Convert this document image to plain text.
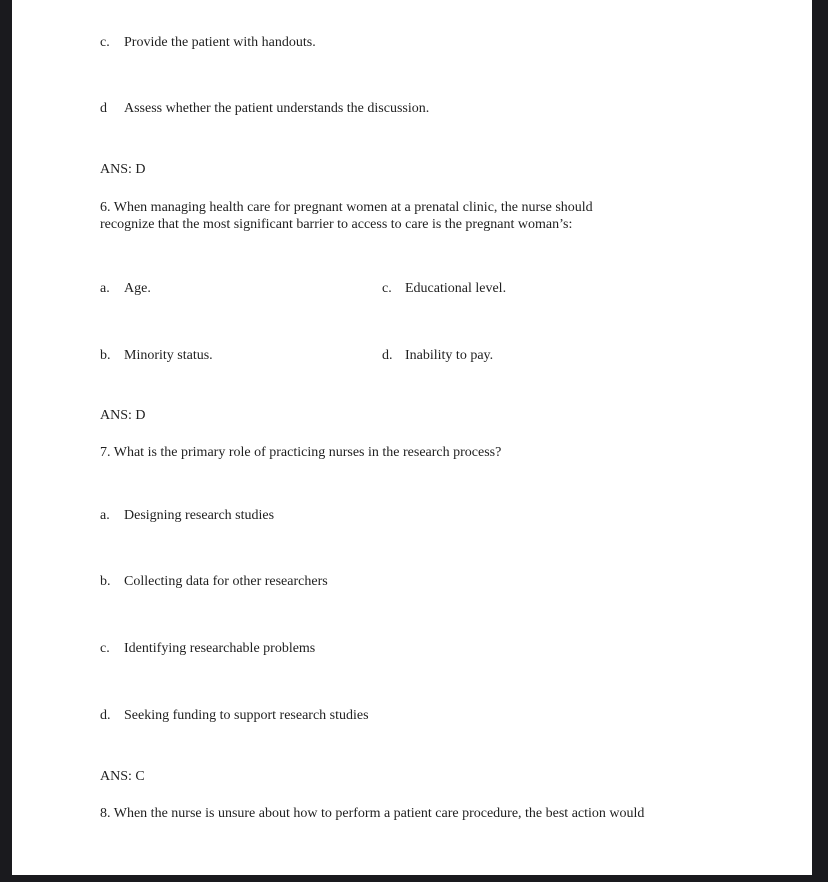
c. Provide the patient with handouts.
d Assess whether the patient understands the discussion.
ANS: D
6. When managing health care for pregnant women at a prenatal clinic, the nurse should
recognize that the most significant barrier to access to care is the pregnant woman’s:
a. Age.	c. Educational level.
b. Minority status.	d. Inability to pay.
ANS: D
7. What is the primary role of practicing nurses in the research process?
a. Designing research studies
b. Collecting data for other researchers
c. Identifying researchable problems
d. Seeking funding to support research studies
ANS: C
8. When the nurse is unsure about how to perform a patient care procedure, the best action would
